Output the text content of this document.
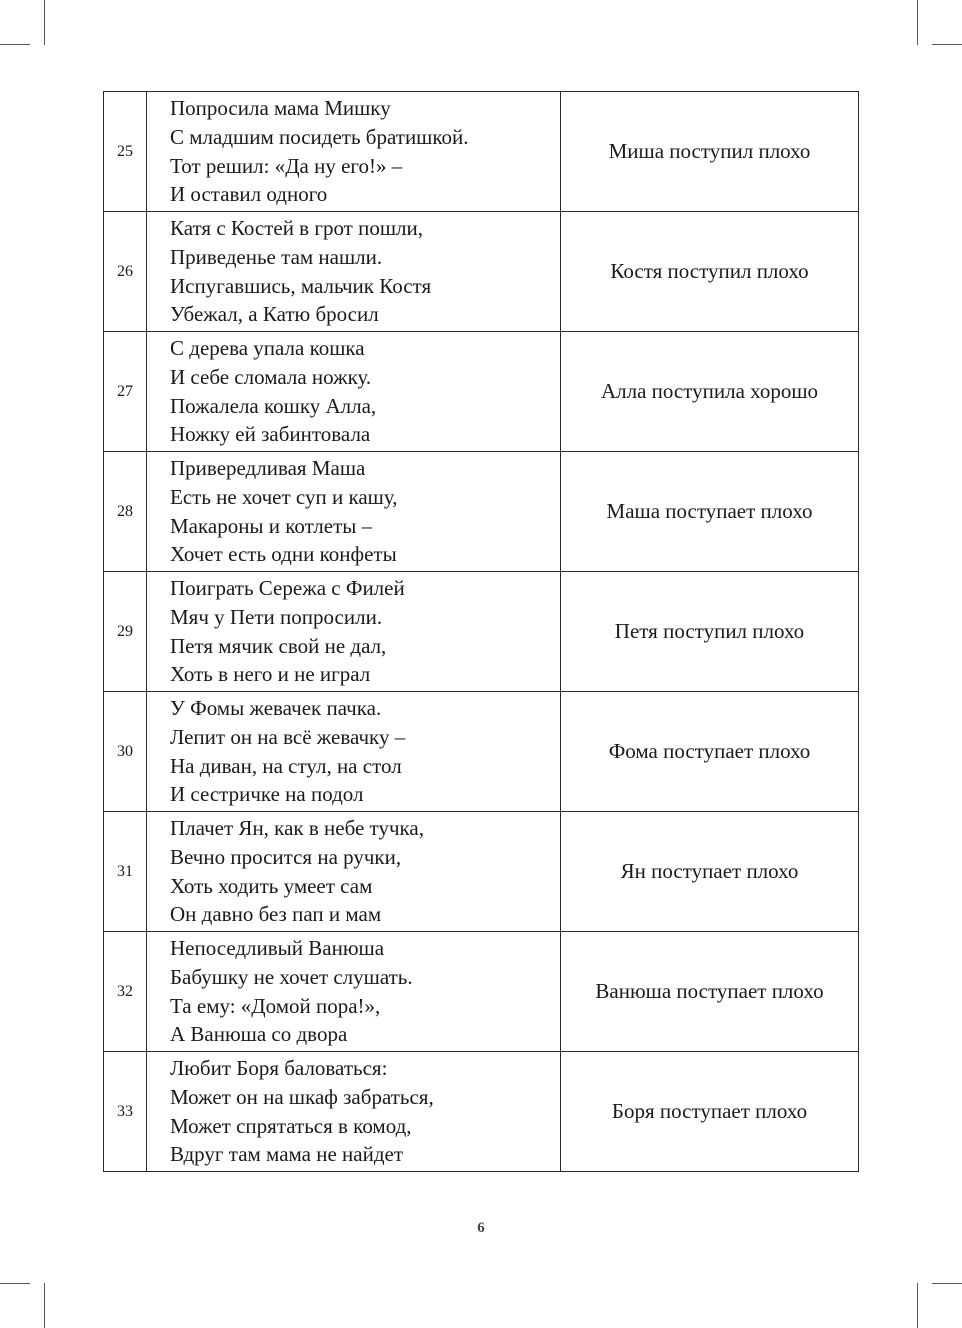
25	Попросила мама Мишку
С младшим посидеть братишкой.
Тот решил: «Да ну его!» –
И оставил одного	Миша поступил плохо
26	Катя с Костей в грот пошли,
Приведенье там нашли.
Испугавшись, мальчик Костя
Убежал, а Катю бросил	Костя поступил плохо
27	С дерева упала кошка
И себе сломала ножку.
Пожалела кошку Алла,
Ножку ей забинтовала	Алла поступила хорошо
28	Привередливая Маша
Есть не хочет суп и кашу,
Макароны и котлеты –
Хочет есть одни конфеты	Маша поступает плохо
29	Поиграть Сережа с Филей
Мяч у Пети попросили.
Петя мячик свой не дал,
Хоть в него и не играл	Петя поступил плохо
30	У Фомы жевачек пачка.
Лепит он на всё жевачку –
На диван, на стул, на стол
И сестричке на подол	Фома поступает плохо
31	Плачет Ян, как в небе тучка,
Вечно просится на ручки,
Хоть ходить умеет сам
Он давно без пап и мам	Ян поступает плохо
32	Непоседливый Ванюша
Бабушку не хочет слушать.
Та ему: «Домой пора!»,
А Ванюша со двора	Ванюша поступает плохо
33	Любит Боря баловаться:
Может он на шкаф забраться,
Может спрятаться в комод,
Вдруг там мама не найдет	Боря поступает плохо
6
